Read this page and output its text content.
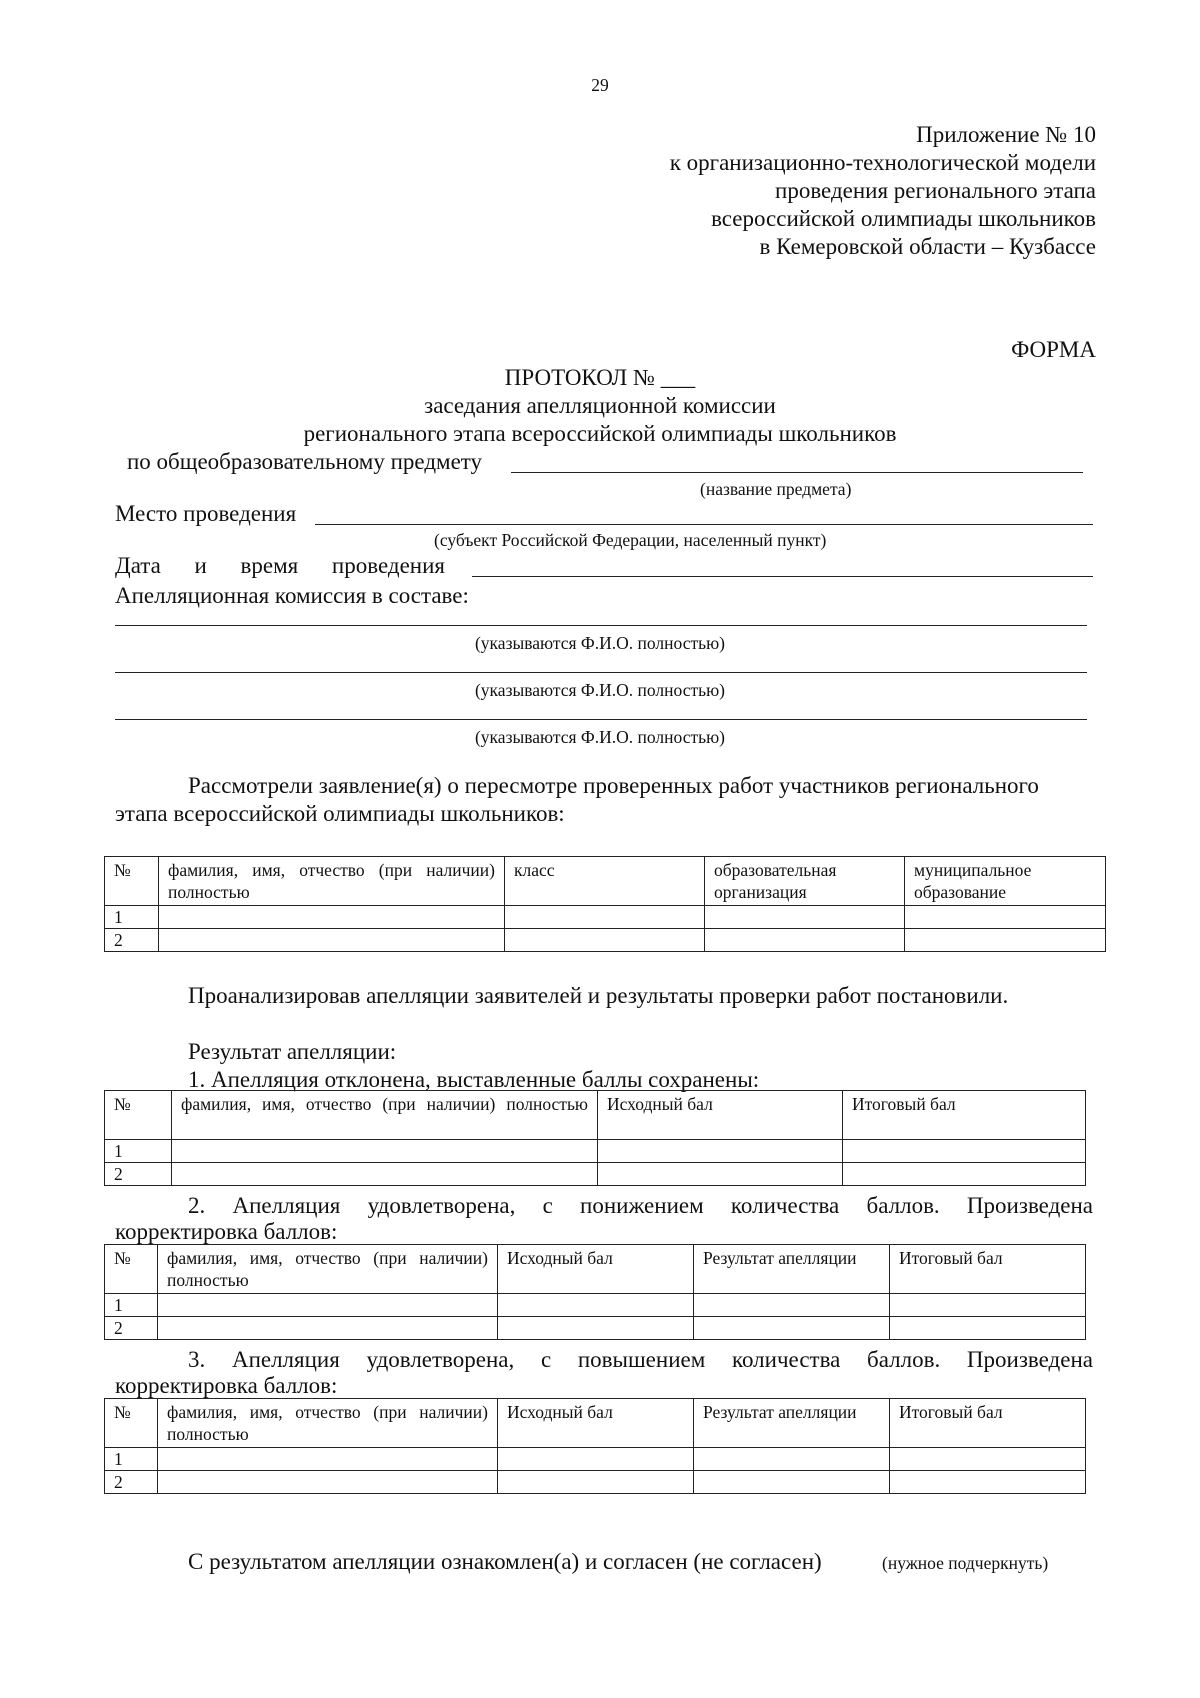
29
Приложение № 10
к организационно-технологической модели
проведения регионального этапа
всероссийской олимпиады школьников
в Кемеровской области – Кузбассе
ФОРМА
ПРОТОКОЛ № ___
заседания апелляционной комиссии
регионального этапа всероссийской олимпиады школьников
по общеобразовательному предмету
(название предмета)
Место проведения
(субъект Российской Федерации, населенный пункт)
Дата и время проведения
Апелляционная комиссия в составе:
(указываются Ф.И.О. полностью)
(указываются Ф.И.О. полностью)
(указываются Ф.И.О. полностью)
Рассмотрели заявление(я) о пересмотре проверенных работ участников регионального
этапа всероссийской олимпиады школьников:
№	фамилия, имя, отчество (при наличии) полностью	класс	образовательная организация	муниципальное образование
1				
2				
Проанализировав апелляции заявителей и результаты проверки работ постановили.
Результат апелляции:
1. Апелляция отклонена, выставленные баллы сохранены:
№	фамилия, имя, отчество (при наличии) полностью	Исходный бал	Итоговый бал
1			
2			
2. Апелляция удовлетворена, с понижением количества баллов. Произведена
корректировка баллов:
№	фамилия, имя, отчество (при наличии) полностью	Исходный бал	Результат апелляции	Итоговый бал
1				
2				
3. Апелляция удовлетворена, с повышением количества баллов. Произведена
корректировка баллов:
№	фамилия, имя, отчество (при наличии) полностью	Исходный бал	Результат апелляции	Итоговый бал
1				
2				
С результатом апелляции ознакомлен(а) и согласен (не согласен)	(нужное подчеркнуть)
